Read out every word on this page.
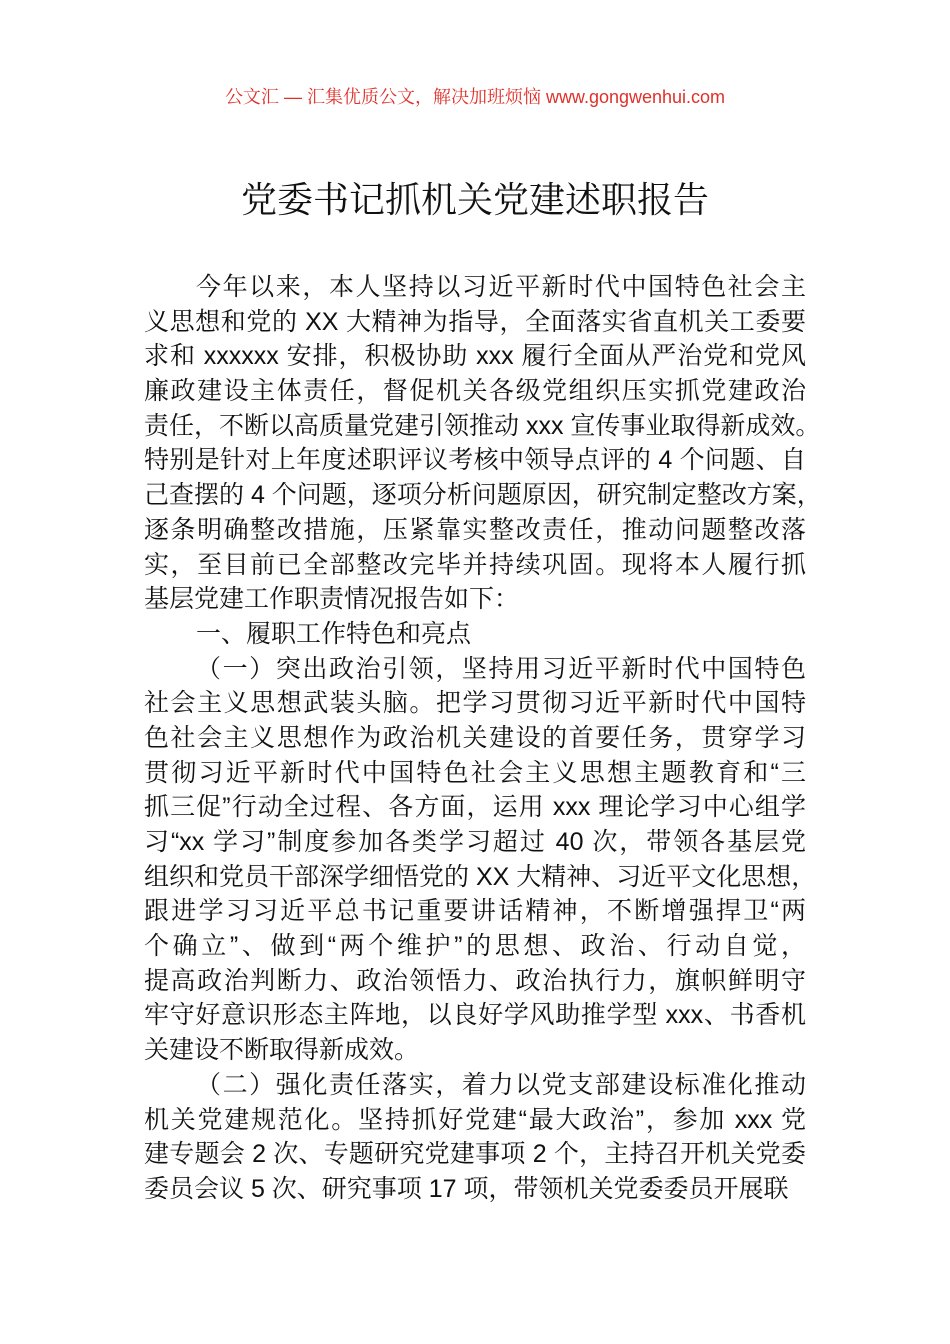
公文汇 — 汇集优质公文，解决加班烦恼 www.gongwenhui.com
党委书记抓机关党建述职报告
今年以来，本人坚持以习近平新时代中国特色社会主
义思想和党的 XX 大精神为指导，全面落实省直机关工委要
求和 xxxxxx 安排，积极协助 xxx 履行全面从严治党和党风
廉政建设主体责任，督促机关各级党组织压实抓党建政治
责任，不断以高质量党建引领推动 xxx 宣传事业取得新成效。
特别是针对上年度述职评议考核中领导点评的 4 个问题、自
己查摆的 4 个问题，逐项分析问题原因，研究制定整改方案，
逐条明确整改措施，压紧靠实整改责任，推动问题整改落
实，至目前已全部整改完毕并持续巩固。现将本人履行抓
基层党建工作职责情况报告如下：
一、履职工作特色和亮点
（一）突出政治引领，坚持用习近平新时代中国特色
社会主义思想武装头脑。把学习贯彻习近平新时代中国特
色社会主义思想作为政治机关建设的首要任务，贯穿学习
贯彻习近平新时代中国特色社会主义思想主题教育和“三
抓三促”行动全过程、各方面，运用 xxx 理论学习中心组学
习“xx 学习”制度参加各类学习超过 40 次，带领各基层党
组织和党员干部深学细悟党的 XX 大精神、习近平文化思想，
跟进学习习近平总书记重要讲话精神，不断增强捍卫“两
个确立”、做到“两个维护”的思想、政治、行动自觉，
提高政治判断力、政治领悟力、政治执行力，旗帜鲜明守
牢守好意识形态主阵地，以良好学风助推学型 xxx、书香机
关建设不断取得新成效。
（二）强化责任落实，着力以党支部建设标准化推动
机关党建规范化。坚持抓好党建“最大政治”，参加 xxx 党
建专题会 2 次、专题研究党建事项 2 个，主持召开机关党委
委员会议 5 次、研究事项 17 项，带领机关党委委员开展联
